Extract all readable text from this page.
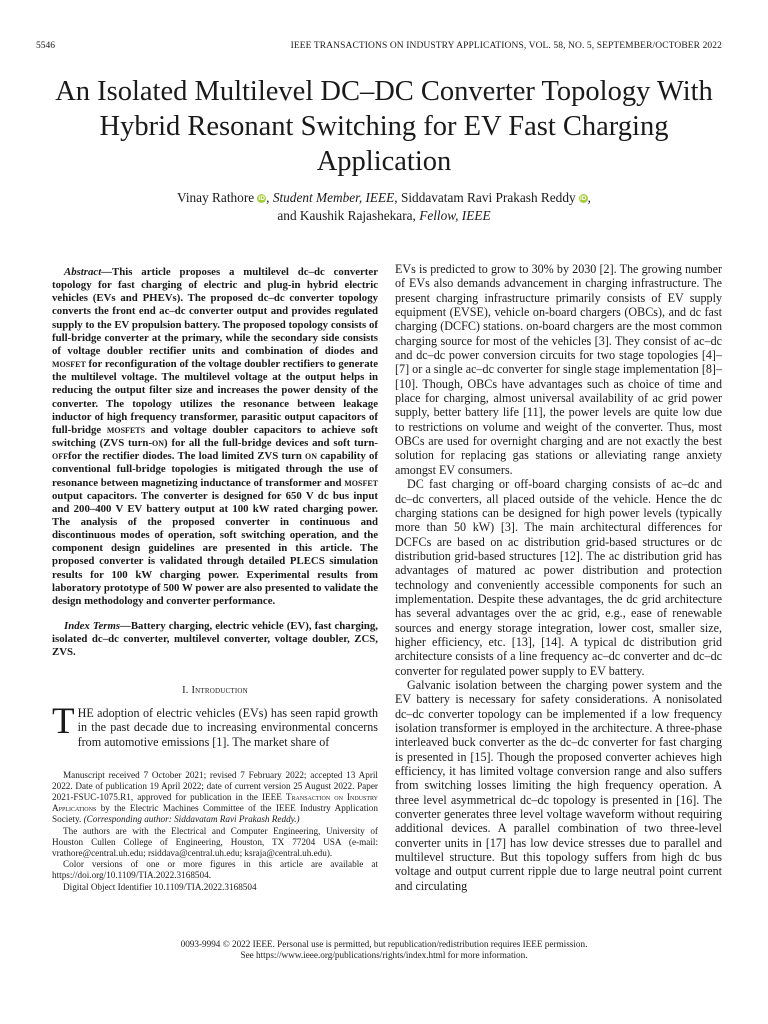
5546	IEEE TRANSACTIONS ON INDUSTRY APPLICATIONS, VOL. 58, NO. 5, SEPTEMBER/OCTOBER 2022
An Isolated Multilevel DC–DC Converter Topology With Hybrid Resonant Switching for EV Fast Charging Application
Vinay Rathore iD, Student Member, IEEE, Siddavatam Ravi Prakash Reddy iD,
and Kaushik Rajashekara, Fellow, IEEE

Abstract—This article proposes a multilevel dc–dc converter topology for fast charging of electric and plug-in hybrid electric vehicles (EVs and PHEVs). The proposed dc–dc converter topology converts the front end ac–dc converter output and provides regulated supply to the EV propulsion battery. The proposed topology consists of full-bridge converter at the primary, while the secondary side consists of voltage doubler rectifier units and combination of diodes and mosfet for reconfiguration of the voltage doubler rectifiers to generate the multilevel voltage. The multilevel voltage at the output helps in reducing the output filter size and increases the power density of the converter. The topology utilizes the resonance between leakage inductor of high frequency transformer, parasitic output capacitors of full-bridge mosfets and voltage doubler capacitors to achieve soft switching (ZVS turn-on) for all the full-bridge devices and soft turn-offfor the rectifier diodes. The load limited ZVS turn on capability of conventional full-bridge topologies is mitigated through the use of resonance between magnetizing inductance of transformer and mosfet output capacitors. The converter is designed for 650 V dc bus input and 200–400 V EV battery output at 100 kW rated charging power. The analysis of the proposed converter in continuous and discontinuous modes of operation, soft switching operation, and the component design guidelines are presented in this article. The proposed converter is validated through detailed PLECS simulation results for 100 kW charging power. Experimental results from laboratory prototype of 500 W power are also presented to validate the design methodology and converter performance.

Index Terms—Battery charging, electric vehicle (EV), fast charging, isolated dc–dc converter, multilevel converter, voltage doubler, ZCS, ZVS.

I. Introduction

THE adoption of electric vehicles (EVs) has seen rapid growth in the past decade due to increasing environmental concerns from automotive emissions [1]. The market share of

Manuscript received 7 October 2021; revised 7 February 2022; accepted 13 April 2022. Date of publication 19 April 2022; date of current version 25 August 2022. Paper 2021-FSUC-1075.R1, approved for publication in the IEEE Transaction on Industry Applications by the Electric Machines Committee of the IEEE Industry Application Society. (Corresponding author: Siddavatam Ravi Prakash Reddy.)

The authors are with the Electrical and Computer Engineering, University of Houston Cullen College of Engineering, Houston, TX 77204 USA (e-mail: vrathore@central.uh.edu; rsiddava@central.uh.edu; ksraja@central.uh.edu).

Color versions of one or more figures in this article are available at https://doi.org/10.1109/TIA.2022.3168504.

Digital Object Identifier 10.1109/TIA.2022.3168504

EVs is predicted to grow to 30% by 2030 [2]. The growing number of EVs also demands advancement in charging infrastructure. The present charging infrastructure primarily consists of EV supply equipment (EVSE), vehicle on-board chargers (OBCs), and dc fast charging (DCFC) stations. on-board chargers are the most common charging source for most of the vehicles [3]. They consist of ac–dc and dc–dc power conversion circuits for two stage topologies [4]–[7] or a single ac–dc converter for single stage implementation [8]–[10]. Though, OBCs have advantages such as choice of time and place for charging, almost universal availability of ac grid power supply, better battery life [11], the power levels are quite low due to restrictions on volume and weight of the converter. Thus, most OBCs are used for overnight charging and are not exactly the best solution for replacing gas stations or alleviating range anxiety amongst EV consumers.

DC fast charging or off-board charging consists of ac–dc and dc–dc converters, all placed outside of the vehicle. Hence the dc charging stations can be designed for high power levels (typically more than 50 kW) [3]. The main architectural differences for DCFCs are based on ac distribution grid-based structures or dc distribution grid-based structures [12]. The ac distribution grid has advantages of matured ac power distribution and protection technology and conveniently accessible components for such an implementation. Despite these advantages, the dc grid architecture has several advantages over the ac grid, e.g., ease of renewable sources and energy storage integration, lower cost, smaller size, higher efficiency, etc. [13], [14]. A typical dc distribution grid architecture consists of a line frequency ac–dc converter and dc–dc converter for regulated power supply to EV battery.

Galvanic isolation between the charging power system and the EV battery is necessary for safety considerations. A nonisolated dc–dc converter topology can be implemented if a low frequency isolation transformer is employed in the architecture. A three-phase interleaved buck converter as the dc–dc converter for fast charging is presented in [15]. Though the proposed converter achieves high efficiency, it has limited voltage conversion range and also suffers from switching losses limiting the high frequency operation. A three level asymmetrical dc–dc topology is presented in [16]. The converter generates three level voltage waveform without requiring additional devices. A parallel combination of two three-level converter units in [17] has low device stresses due to parallel and multilevel structure. But this topology suffers from high dc bus voltage and output current ripple due to large neutral point current and circulating

0093-9994 © 2022 IEEE. Personal use is permitted, but republication/redistribution requires IEEE permission.
See https://www.ieee.org/publications/rights/index.html for more information.
